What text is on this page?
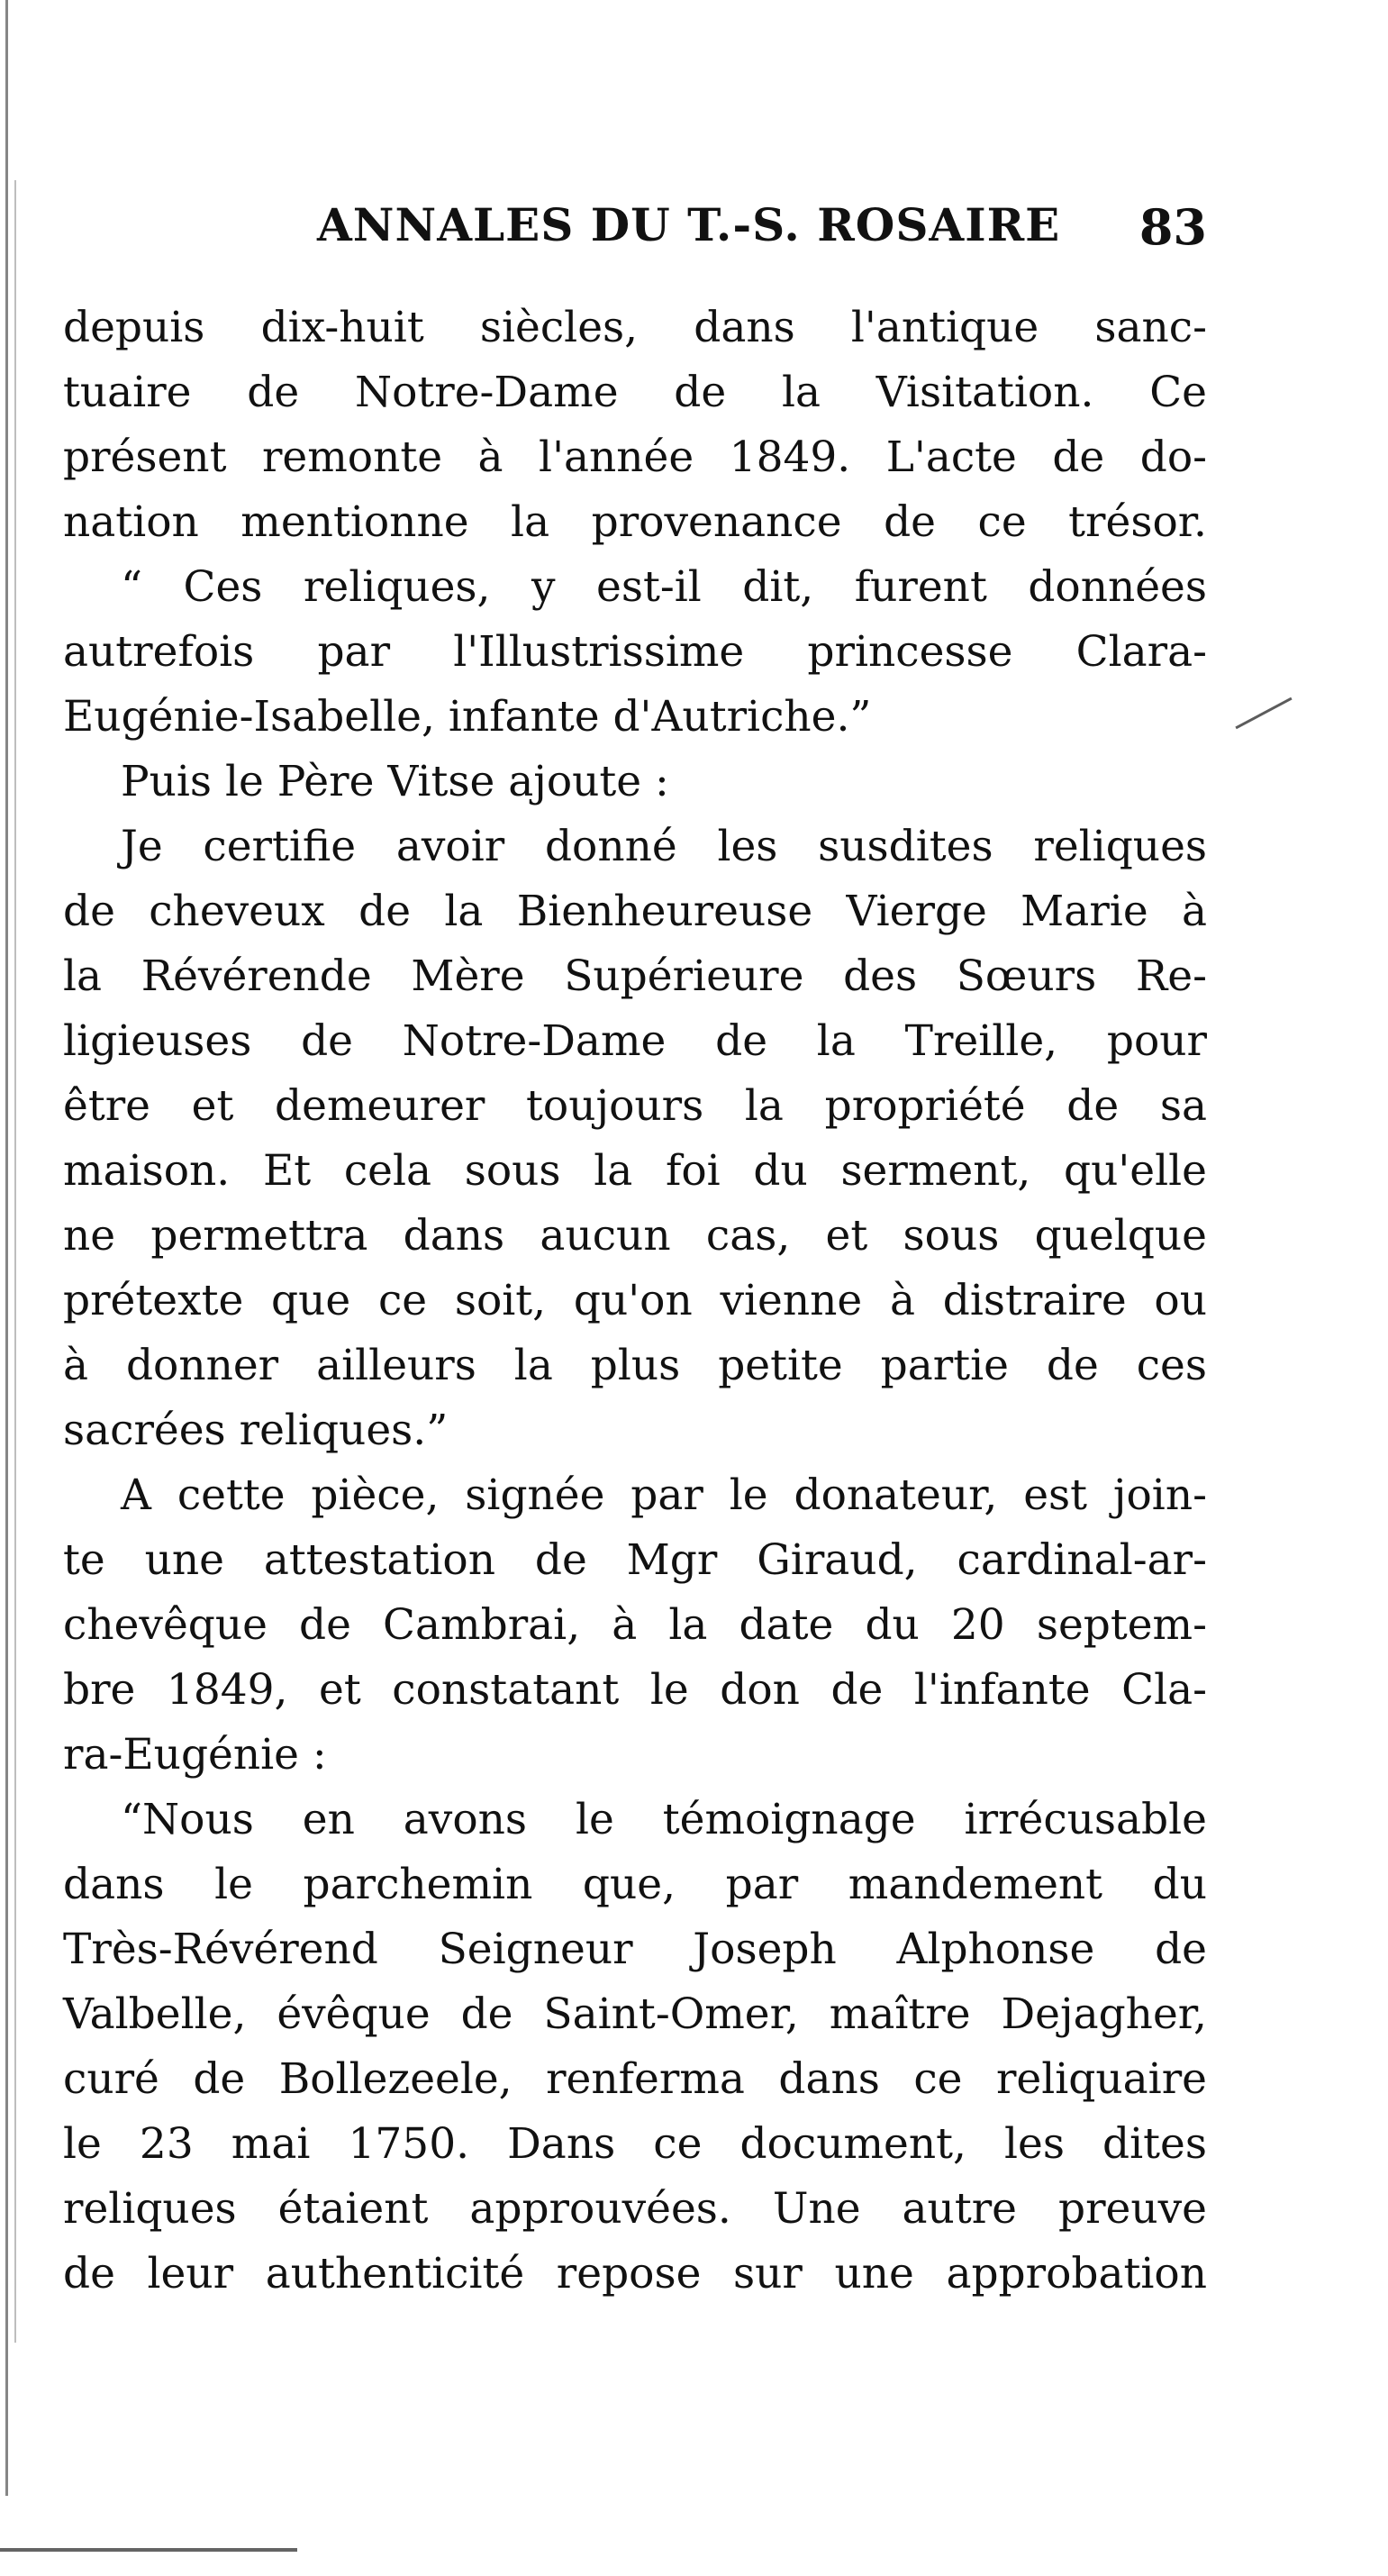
ANNALES DU T.-S. ROSAIRE 83
depuis dix-huit siècles, dans l'antique sanc-
tuaire de Notre-Dame de la Visitation. Ce
présent remonte à l'année 1849. L'acte de do-
nation mentionne la provenance de ce trésor.
“ Ces reliques, y est-il dit, furent données
autrefois par l'Illustrissime princesse Clara-
Eugénie-Isabelle, infante d'Autriche.”
Puis le Père Vitse ajoute :
Je certifie avoir donné les susdites reliques
de cheveux de la Bienheureuse Vierge Marie à
la Révérende Mère Supérieure des Sœurs Re-
ligieuses de Notre-Dame de la Treille, pour
être et demeurer toujours la propriété de sa
maison. Et cela sous la foi du serment, qu'elle
ne permettra dans aucun cas, et sous quelque
prétexte que ce soit, qu'on vienne à distraire ou
à donner ailleurs la plus petite partie de ces
sacrées reliques.”
A cette pièce, signée par le donateur, est join-
te une attestation de Mgr Giraud, cardinal-ar-
chevêque de Cambrai, à la date du 20 septem-
bre 1849, et constatant le don de l'infante Cla-
ra-Eugénie :
“Nous en avons le témoignage irrécusable
dans le parchemin que, par mandement du
Très-Révérend Seigneur Joseph Alphonse de
Valbelle, évêque de Saint-Omer, maître Dejagher,
curé de Bollezeele, renferma dans ce reliquaire
le 23 mai 1750. Dans ce document, les dites
reliques étaient approuvées. Une autre preuve
de leur authenticité repose sur une approbation
